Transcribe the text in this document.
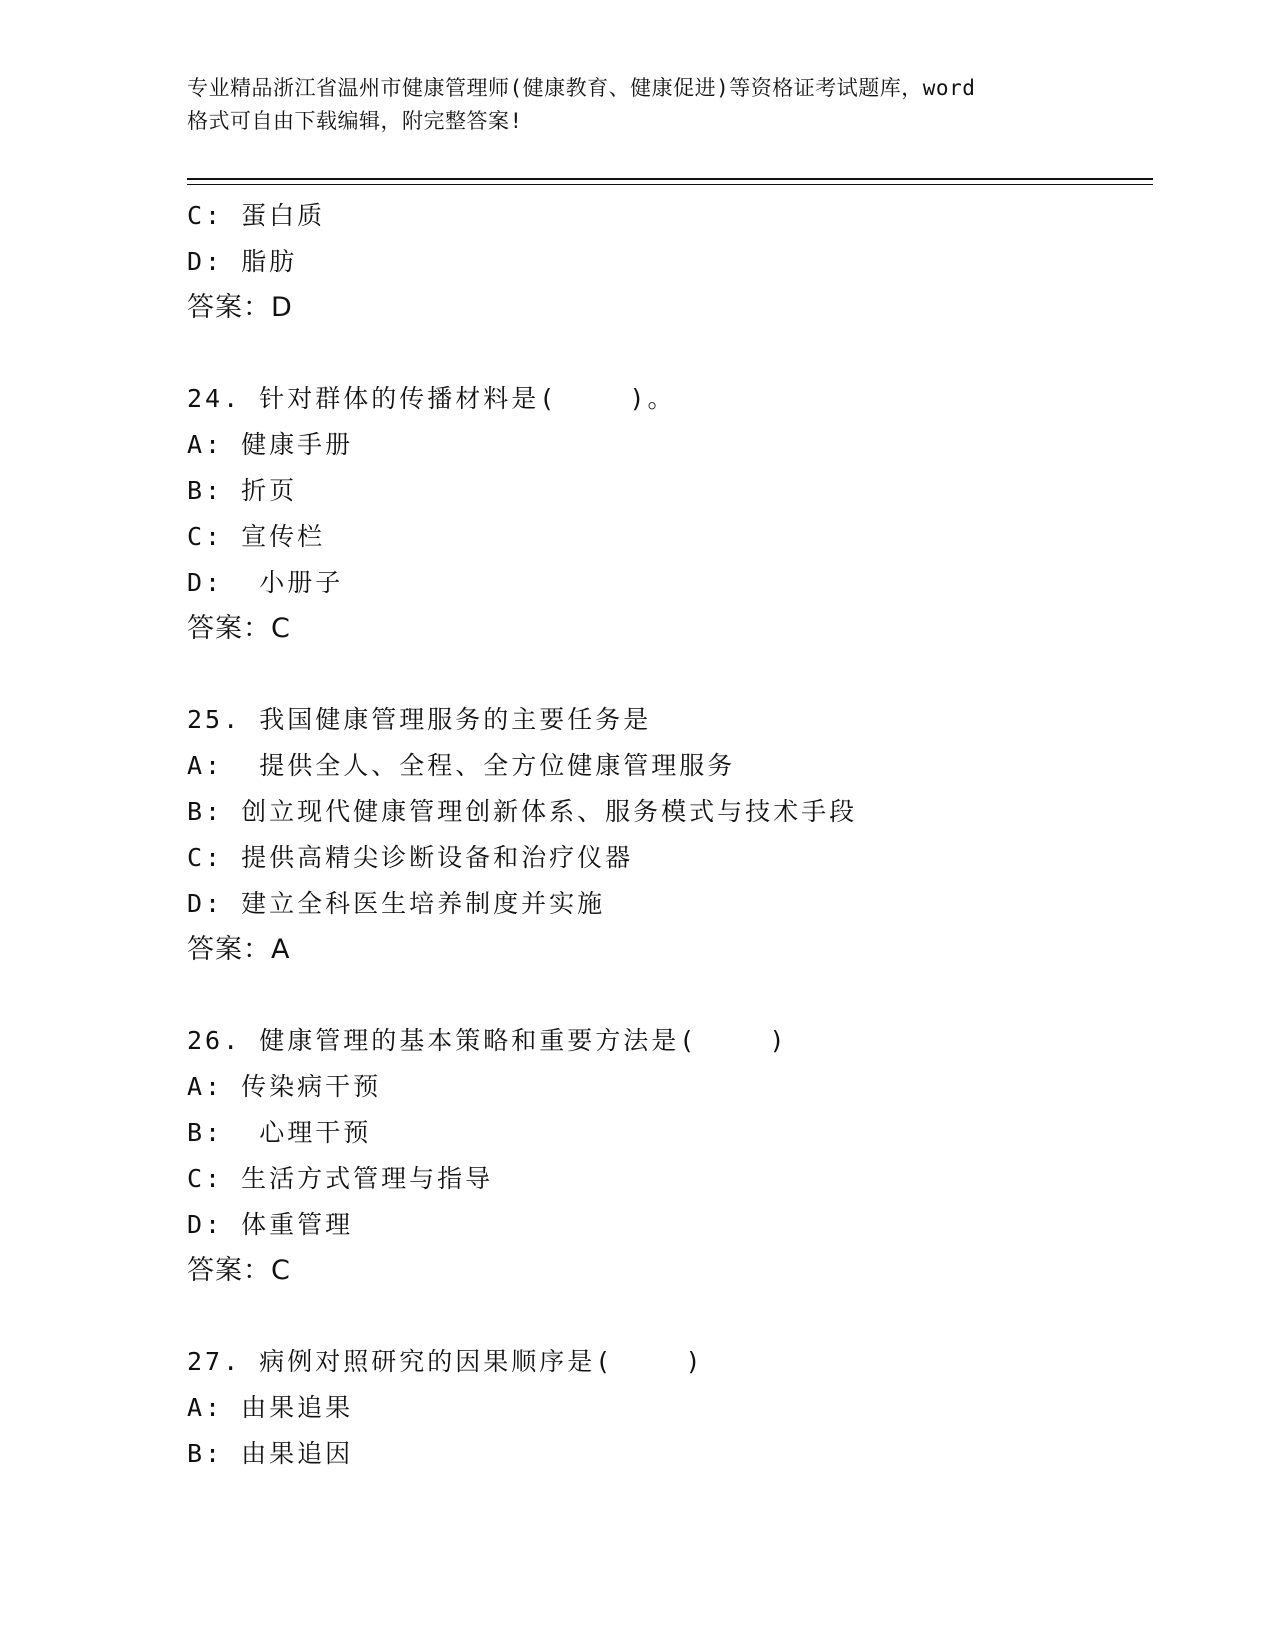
专业精品浙江省温州市健康管理师(健康教育、健康促进)等资格证考试题库，word
格式可自由下载编辑，附完整答案!
C: 蛋白质
D: 脂肪
答案：D
24. 针对群体的传播材料是(    )。
A: 健康手册
B: 折页
C: 宣传栏
D:  小册子
答案：C
25. 我国健康管理服务的主要任务是
A:  提供全人、全程、全方位健康管理服务
B: 创立现代健康管理创新体系、服务模式与技术手段
C: 提供高精尖诊断设备和治疗仪器
D: 建立全科医生培养制度并实施
答案：A
26. 健康管理的基本策略和重要方法是(    )
A: 传染病干预
B:  心理干预
C: 生活方式管理与指导
D: 体重管理
答案：C
27. 病例对照研究的因果顺序是(    )
A: 由果追果
B: 由果追因
